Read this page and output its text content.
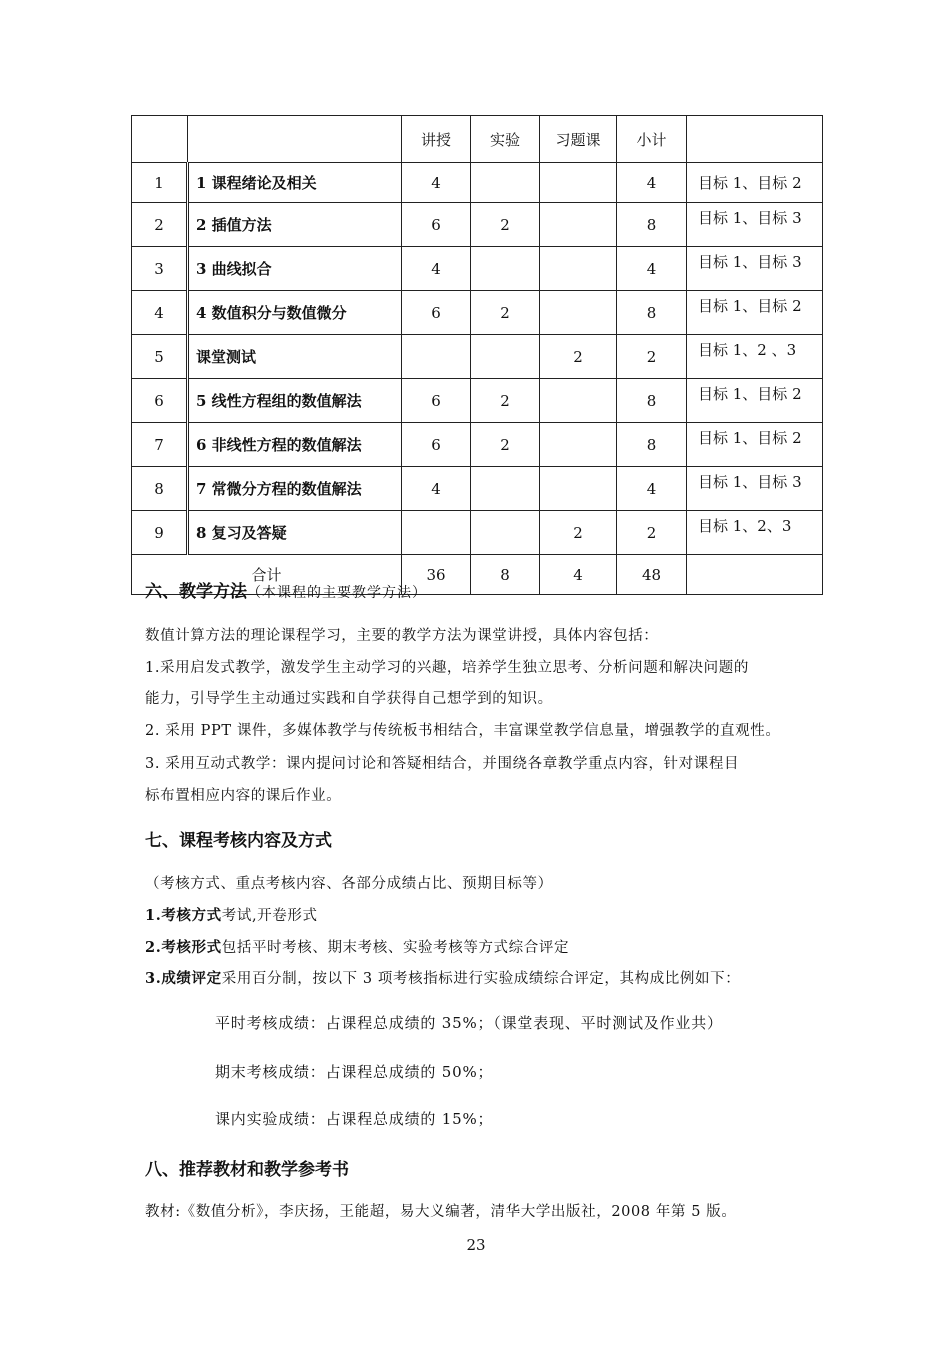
		讲授	实验	习题课	小计	
1	1 课程绪论及相关	4			4	目标 1、目标 2
2	2 插值方法	6	2		8	目标 1、目标 3
3	3 曲线拟合	4			4	目标 1、目标 3
4	4 数值积分与数值微分	6	2		8	目标 1、目标 2
5	课堂测试			2	2	目标 1、2 、3
6	5 线性方程组的数值解法	6	2		8	目标 1、目标 2
7	6 非线性方程的数值解法	6	2		8	目标 1、目标 2
8	7 常微分方程的数值解法	4			4	目标 1、目标 3
9	8 复习及答疑			2	2	目标 1、2、3
合计		36	8	4	48	
六、教学方法（本课程的主要教学方法）
数值计算方法的理论课程学习，主要的教学方法为课堂讲授，具体内容包括：
1.采用启发式教学，激发学生主动学习的兴趣，培养学生独立思考、分析问题和解决问题的
能力，引导学生主动通过实践和自学获得自己想学到的知识。
2. 采用 PPT 课件，多媒体教学与传统板书相结合，丰富课堂教学信息量，增强教学的直观性。
3. 采用互动式教学：课内提问讨论和答疑相结合，并围绕各章教学重点内容，针对课程目
标布置相应内容的课后作业。
七、课程考核内容及方式
（考核方式、重点考核内容、各部分成绩占比、预期目标等）
1.考核方式考试,开卷形式
2.考核形式包括平时考核、期末考核、实验考核等方式综合评定
3.成绩评定采用百分制，按以下 3 项考核指标进行实验成绩综合评定，其构成比例如下：
平时考核成绩：占课程总成绩的 35%；（课堂表现、平时测试及作业共）
期末考核成绩：占课程总成绩的 50%；
课内实验成绩：占课程总成绩的 15%；
八、推荐教材和教学参考书
教材:《数值分析》，李庆扬，王能超，易大义编著，清华大学出版社，2008 年第 5 版。
23
